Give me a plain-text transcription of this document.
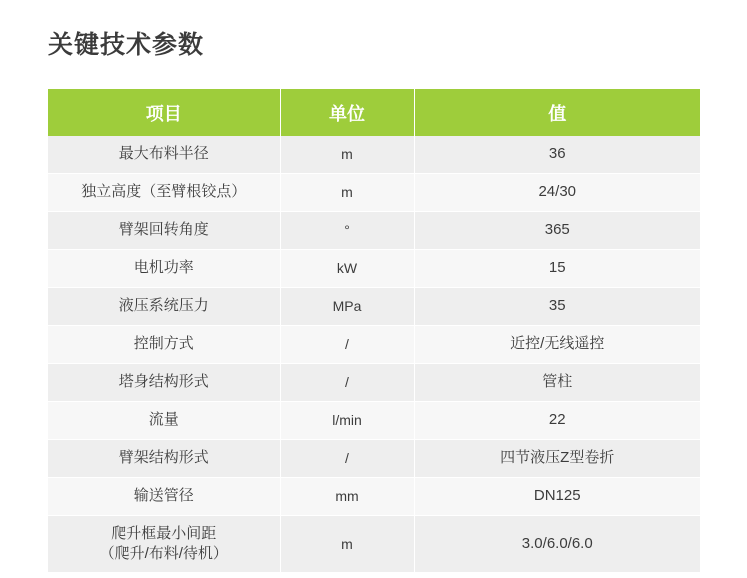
关键技术参数
项目	单位	值
最大布料半径	m	36
独立高度（至臂根铰点）	m	24/30
臂架回转角度	°	365
电机功率	kW	15
液压系统压力	MPa	35
控制方式	/	近控/无线遥控
塔身结构形式	/	管柱
流量	l/min	22
臂架结构形式	/	四节液压Z型卷折
输送管径	mm	DN125

爬升框最小间距
（爬升/布料/待机）	m	3.0/6.0/6.0
